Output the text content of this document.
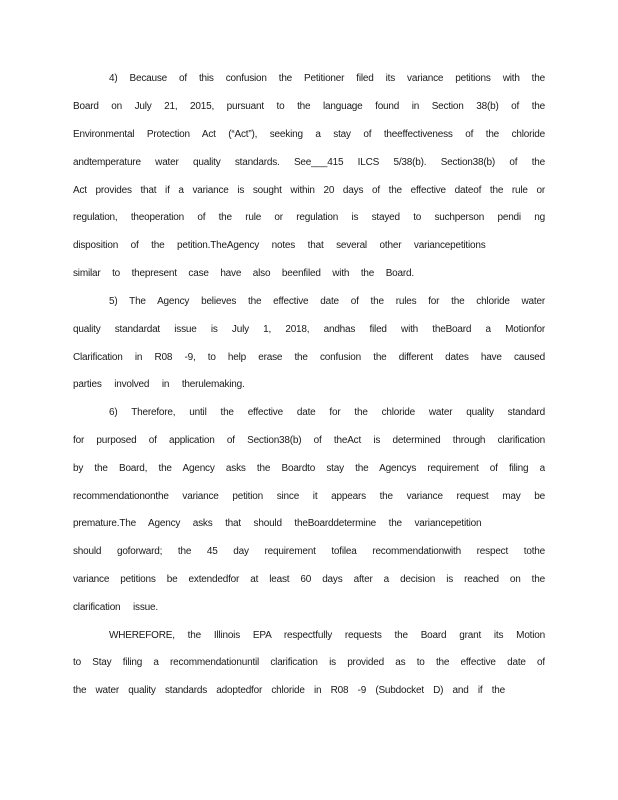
4) Because of this confusion the Petitioner filed its variance petitions with the
Board on July 21, 2015, pursuant to the language found in Section 38(b) of the
Environmental Protection Act (“Act”), seeking a stay of theeffectiveness of the chloride
andtemperature water quality standards. See___415 ILCS 5/38(b). Section38(b) of the
Act provides that if a variance is sought within 20 days of the effective dateof the rule or
regulation, theoperation of the rule or regulation is stayed to suchperson pendi ng
disposition of the petition.TheAgency notes that several other variancepetitions
similar to thepresent case have also beenfiled with the Board.
5) The Agency believes the effective date of the rules for the chloride water
quality standardat issue is July 1, 2018, andhas filed with theBoard a Motionfor
Clarification in R08 -9, to help erase the confusion the different dates have caused
parties involved in therulemaking.
6) Therefore, until the effective date for the chloride water quality standard
for purposed of application of Section38(b) of theAct is determined through clarification
by the Board, the Agency asks the Boardto stay the Agencys requirement of filing a
recommendationonthe variance petition since it appears the variance request may be
premature.The Agency asks that should theBoarddetermine the variancepetition
should goforward; the 45 day requirement tofilea recommendationwith respect tothe
variance petitions be extendedfor at least 60 days after a decision is reached on the
clarification issue.
WHEREFORE, the Illinois EPA respectfully requests the Board grant its Motion
to Stay filing a recommendationuntil clarification is provided as to the effective date of
the water quality standards adoptedfor chloride in R08 -9 (Subdocket D) and if the
